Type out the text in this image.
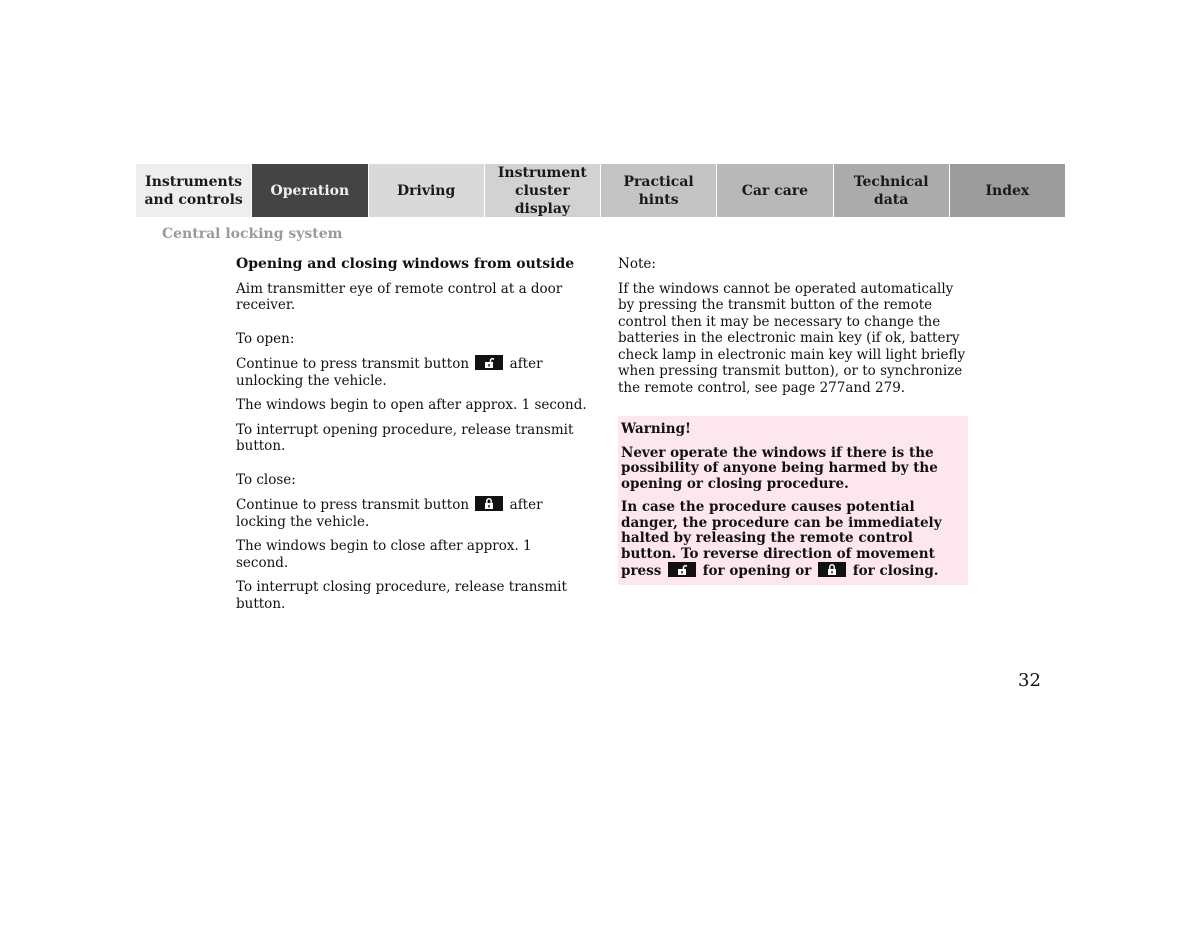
Instruments
and controls
Operation	Driving
Instrument
cluster display
Practical hints
Car care
Technical
data
Index
Central locking system

Opening and closing windows from outside

Aim transmitter eye of remote control at a door receiver.

To open:

Continue to press transmit button	after unlocking the vehicle.

The windows begin to open after approx. 1 second.

To interrupt opening procedure, release transmit button.

To close:

Continue to press transmit button	after locking the vehicle.

The windows begin to close after approx. 1 second.

To interrupt closing procedure, release transmit button.

Note:

If the windows cannot be operated automatically by pressing the transmit button of the remote control then it may be necessary to change the batteries in the electronic main key (if ok, battery check lamp in electronic main key will light briefly when pressing transmit button), or to synchronize the remote control, see page 277and 279.

Warning!

Never operate the windows if there is the possibility of anyone being harmed by the opening or closing procedure.

In case the procedure causes potential danger, the procedure can be immediately halted by releasing the remote control button. To reverse direction of movement press	for opening or	for closing.

32
